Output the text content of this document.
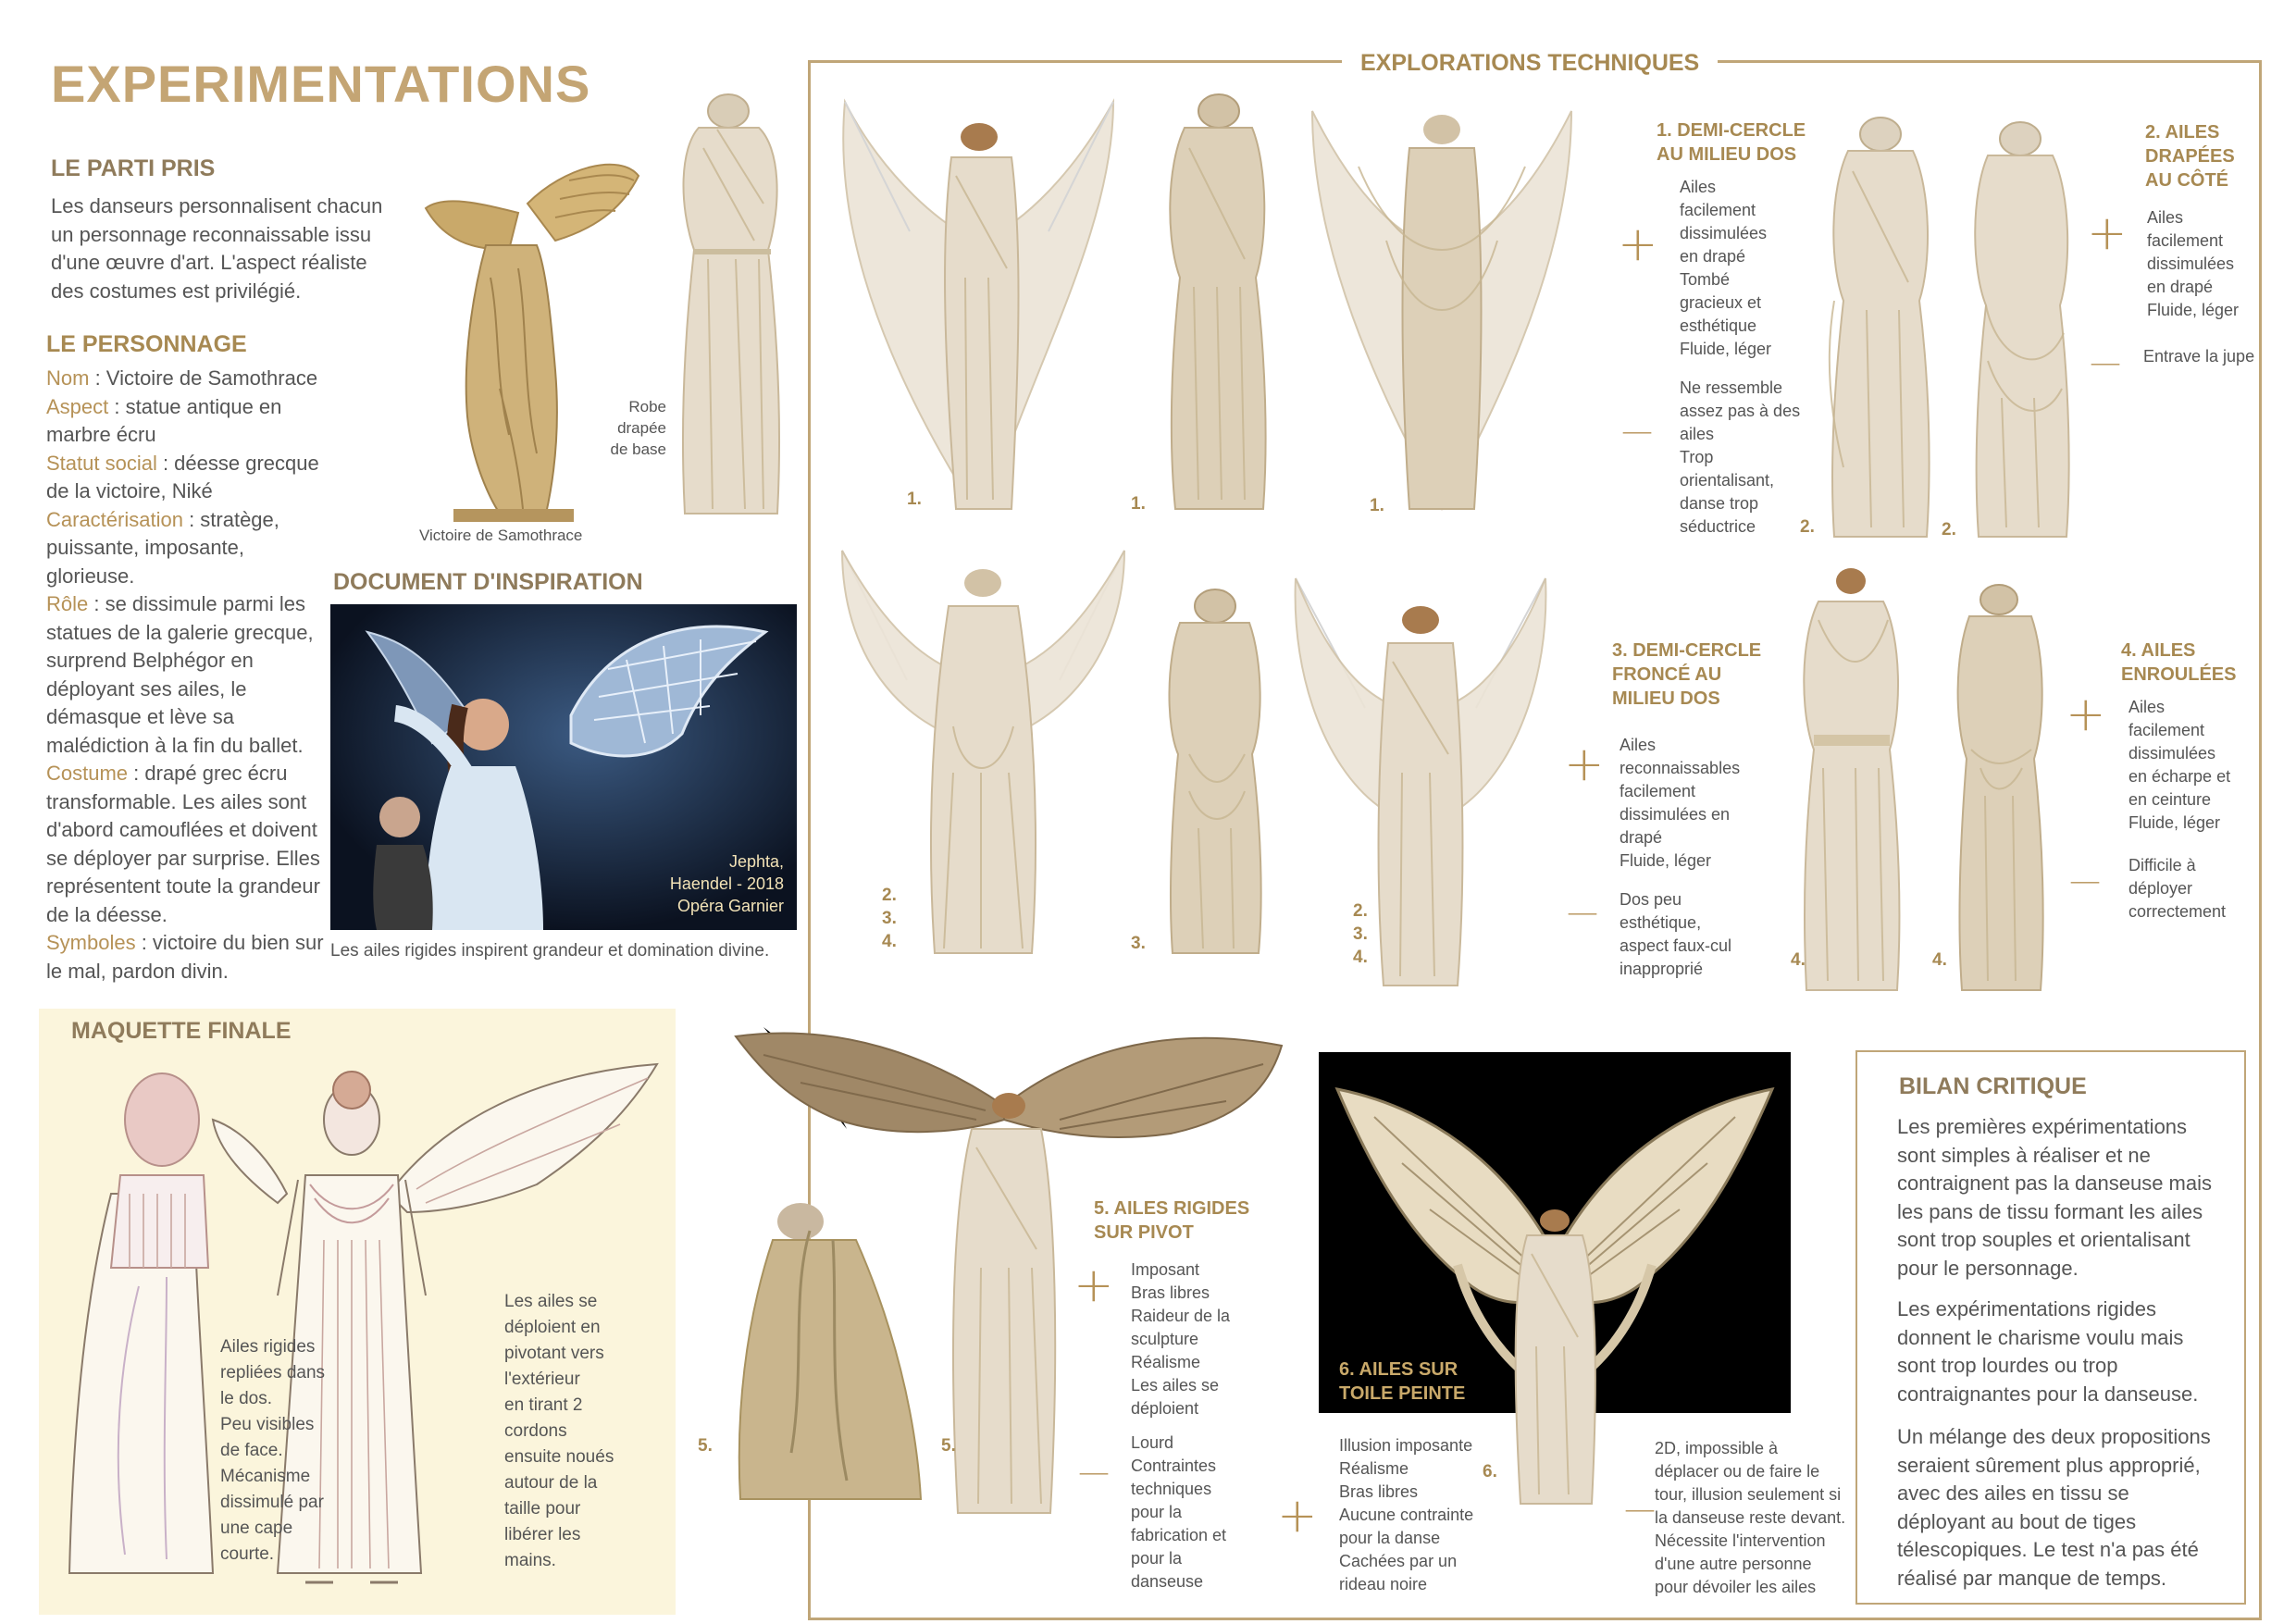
EXPERIMENTATIONS
LE PARTI PRIS
Les danseurs personnalisent chacun un personnage reconnaissable issu d'une œuvre d'art. L'aspect réaliste des costumes est privilégié.
LE PERSONNAGE
Nom : Victoire de Samothrace
Aspect : statue antique en marbre écru
Statut social : déesse grecque de la victoire, Niké
Caractérisation : stratège, puissante, imposante, glorieuse.
Rôle : se dissimule parmi les statues de la galerie grecque, surprend Belphégor en déployant ses ailes, le démasque et lève sa malédiction à la fin du ballet.
Costume : drapé grec écru transformable. Les ailes sont d'abord camouflées et doivent se déployer par surprise. Elles représentent toute la grandeur de la déesse.
Symboles : victoire du bien sur le mal, pardon divin.
Victoire de Samothrace
Robe
drapée
de base
DOCUMENT D'INSPIRATION
Jephta,
Haendel - 2018
Opéra Garnier
Les ailes rigides inspirent grandeur et domination divine.
MAQUETTE FINALE
Ailes rigides
repliées dans
le dos.
Peu visibles
de face.
Mécanisme
dissimulé par
une cape
courte.
Les ailes se
déploient en
pivotant vers
l'extérieur
en tirant 2
cordons
ensuite noués
autour de la
taille pour
libérer les
mains.
EXPLORATIONS TECHNIQUES
6. AILES SUR
TOILE PEINTE
1.	1.	1.
2.	2.
2.
3.
4.	3.
2.
3.
4.	4.	4.
5.	5.
6.
1. DEMI-CERCLE
AU MILIEU DOS
+
Ailes
facilement
dissimulées
en drapé
Tombé
gracieux et
esthétique
Fluide, léger
—
Ne ressemble
assez pas à des
ailes
Trop
orientalisant,
danse trop
séductrice
2. AILES
DRAPÉES
AU CÔTÉ
+ Ailes
facilement
dissimulées
en drapé
Fluide, léger
— Entrave la jupe
3. DEMI-CERCLE
FRONCÉ AU
MILIEU DOS
+ Ailes
reconnaissables
facilement
dissimulées en
drapé
Fluide, léger
— Dos peu
esthétique,
aspect faux-cul
inapproprié
4. AILES
ENROULÉES
+ Ailes
facilement
dissimulées
en écharpe et
en ceinture
Fluide, léger
— Difficile à
déployer
correctement
5. AILES RIGIDES
SUR PIVOT
+ Imposant
Bras libres
Raideur de la
sculpture
Réalisme
Les ailes se
déploient
—
Lourd
Contraintes
techniques
pour la
fabrication et
pour la
danseuse
+
Illusion imposante
Réalisme
Bras libres
Aucune contrainte
pour la danse
Cachées par un
rideau noire
—
2D, impossible à
déplacer ou de faire le
tour, illusion seulement si
la danseuse reste devant.
Nécessite l'intervention
d'une autre personne
pour dévoiler les ailes
BILAN CRITIQUE
Les premières expérimentations sont simples à réaliser et ne contraignent pas la danseuse mais les pans de tissu formant les ailes sont trop souples et orientalisant pour le personnage.
Les expérimentations rigides donnent le charisme voulu mais sont trop lourdes ou trop contraignantes pour la danseuse.
Un mélange des deux propositions seraient sûrement plus approprié, avec des ailes en tissu se déployant au bout de tiges télescopiques. Le test n'a pas été réalisé par manque de temps.
